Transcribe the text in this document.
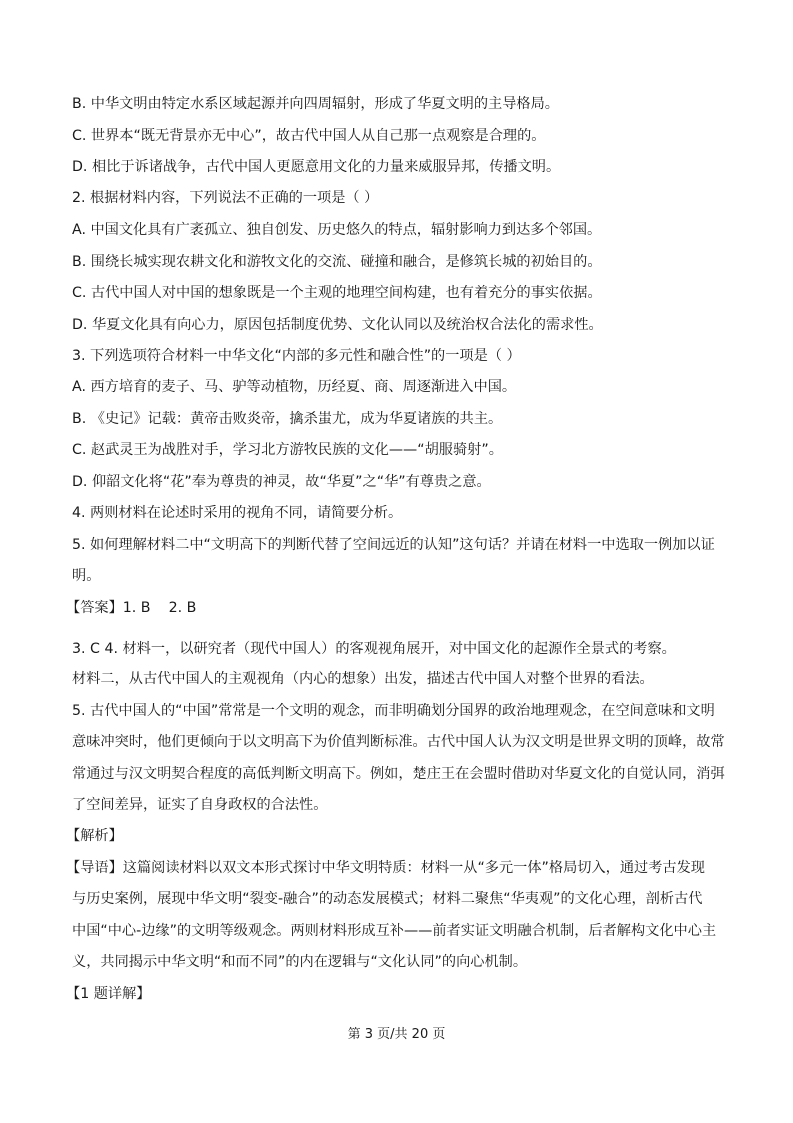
B. 中华文明由特定水系区域起源并向四周辐射，形成了华夏文明的主导格局。
C. 世界本“既无背景亦无中心”，故古代中国人从自己那一点观察是合理的。
D. 相比于诉诸战争，古代中国人更愿意用文化的力量来威服异邦，传播文明。
2. 根据材料内容，下列说法不正确的一项是（ ）
A. 中国文化具有广袤孤立、独自创发、历史悠久的特点，辐射影响力到达多个邻国。
B. 围绕长城实现农耕文化和游牧文化的交流、碰撞和融合，是修筑长城的初始目的。
C. 古代中国人对中国的想象既是一个主观的地理空间构建，也有着充分的事实依据。
D. 华夏文化具有向心力，原因包括制度优势、文化认同以及统治权合法化的需求性。
3. 下列选项符合材料一中华文化“内部的多元性和融合性”的一项是（ ）
A. 西方培育的麦子、马、驴等动植物，历经夏、商、周逐渐进入中国。
B. 《史记》记载：黄帝击败炎帝，擒杀蚩尤，成为华夏诸族的共主。
C. 赵武灵王为战胜对手，学习北方游牧民族的文化——“胡服骑射”。
D. 仰韶文化将“花”奉为尊贵的神灵，故“华夏”之“华”有尊贵之意。
4. 两则材料在论述时采用的视角不同，请简要分析。
5. 如何理解材料二中“文明高下的判断代替了空间远近的认知”这句话？并请在材料一中选取一例加以证
明。
【答案】1. B    2. B
3. C 4. 材料一，以研究者（现代中国人）的客观视角展开，对中国文化的起源作全景式的考察。
材料二，从古代中国人的主观视角（内心的想象）出发，描述古代中国人对整个世界的看法。
5. 古代中国人的“中国”常常是一个文明的观念，而非明确划分国界的政治地理观念，在空间意味和文明
意味冲突时，他们更倾向于以文明高下为价值判断标准。古代中国人认为汉文明是世界文明的顶峰，故常
常通过与汉文明契合程度的高低判断文明高下。例如，楚庄王在会盟时借助对华夏文化的自觉认同，消弭
了空间差异，证实了自身政权的合法性。
【解析】
【导语】这篇阅读材料以双文本形式探讨中华文明特质：材料一从“多元一体”格局切入，通过考古发现
与历史案例，展现中华文明“裂变-融合”的动态发展模式；材料二聚焦“华夷观”的文化心理，剖析古代
中国“中心-边缘”的文明等级观念。两则材料形成互补——前者实证文明融合机制，后者解构文化中心主
义，共同揭示中华文明“和而不同”的内在逻辑与“文化认同”的向心机制。
【1 题详解】
第 3 页/共 20 页
